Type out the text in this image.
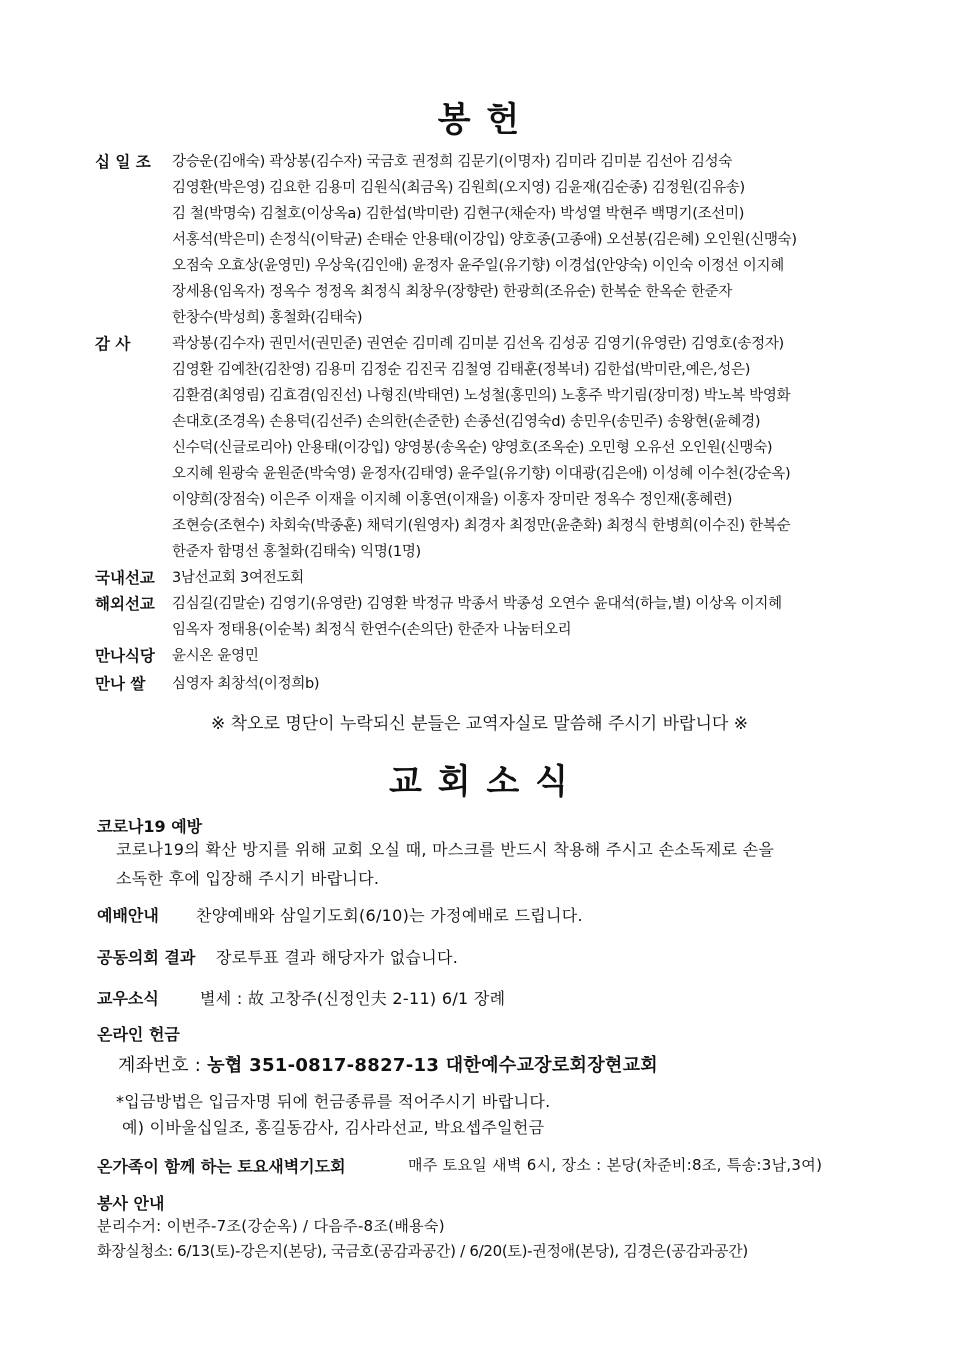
봉 헌
십 일 조	강승운(김애숙) 곽상봉(김수자) 국금호 권정희 김문기(이명자) 김미라 김미분 김선아 김성숙
김영환(박은영) 김요한 김용미 김원식(최금옥) 김원희(오지영) 김윤재(김순종) 김정원(김유송)
김 철(박명숙) 김철호(이상옥a) 김한섭(박미란) 김현구(채순자) 박성열 박현주 백명기(조선미)
서홍석(박은미) 손정식(이탁균) 손태순 안용태(이강입) 양호종(고종애) 오선봉(김은혜) 오인원(신맹숙)
오점숙 오효상(윤영민) 우상욱(김인애) 윤정자 윤주일(유기향) 이경섭(안양숙) 이인숙 이정선 이지혜
장세용(임옥자) 정옥수 정정옥 최정식 최창우(장향란) 한광희(조유순) 한복순 한옥순 한준자
한창수(박성희) 홍철화(김태숙)
감 사	곽상봉(김수자) 권민서(권민준) 권연순 김미례 김미분 김선옥 김성공 김영기(유영란) 김영호(송정자)
김영환 김예찬(김찬영) 김용미 김정순 김진국 김철영 김태훈(정복녀) 김한섭(박미란,예은,성은)
김환겸(최영림) 김효겸(임진선) 나형진(박태연) 노성철(홍민의) 노홍주 박기림(장미정) 박노복 박영화
손대호(조경옥) 손용덕(김선주) 손의한(손준한) 손종선(김영숙d) 송민우(송민주) 송왕현(윤혜경)
신수덕(신글로리아) 안용태(이강입) 양영봉(송옥순) 양영호(조옥순) 오민형 오유선 오인원(신맹숙)
오지혜 원광숙 윤원준(박숙영) 윤정자(김태영) 윤주일(유기향) 이대광(김은애) 이성혜 이수천(강순옥)
이양희(장점숙) 이은주 이재을 이지혜 이홍연(이재을) 이홍자 장미란 정옥수 정인재(홍혜련)
조현승(조현수) 차회숙(박종훈) 채덕기(원영자) 최경자 최정만(윤춘화) 최정식 한병희(이수진) 한복순
한준자 함명선 홍철화(김태숙) 익명(1명)
국내선교	3남선교회 3여전도회
해외선교	김심길(김말순) 김영기(유영란) 김영환 박정규 박종서 박종성 오연수 윤대석(하늘,별) 이상옥 이지혜
임옥자 정태용(이순복) 최정식 한연수(손의단) 한준자 나눔터오리
만나식당	윤시온 윤영민
만나 쌀	심영자 최창석(이정희b)
※ 착오로 명단이 누락되신 분들은 교역자실로 말씀해 주시기 바랍니다 ※
교 회 소 식
코로나19 예방
코로나19의 확산 방지를 위해 교회 오실 때, 마스크를 반드시 착용해 주시고 손소독제로 손을
소독한 후에 입장해 주시기 바랍니다.
예배안내 찬양예배와 삼일기도회(6/10)는 가정예배로 드립니다.
공동의회 결과 장로투표 결과 해당자가 없습니다.
교우소식	별세 : 故 고창주(신정인夫 2-11) 6/1 장례
온라인 헌금
계좌번호 : 농협 351-0817-8827-13 대한예수교장로회장현교회
*입금방법은 입금자명 뒤에 헌금종류를 적어주시기 바랍니다.
예) 이바울십일조, 홍길동감사, 김사라선교, 박요셉주일헌금
온가족이 함께 하는 토요새벽기도회	매주 토요일 새벽 6시, 장소 : 본당(차준비:8조, 특송:3남,3여)
봉사 안내
분리수거: 이번주-7조(강순옥) / 다음주-8조(배용숙)
화장실청소: 6/13(토)-강은지(본당), 국금호(공감과공간) / 6/20(토)-권정애(본당), 김경은(공감과공간)
